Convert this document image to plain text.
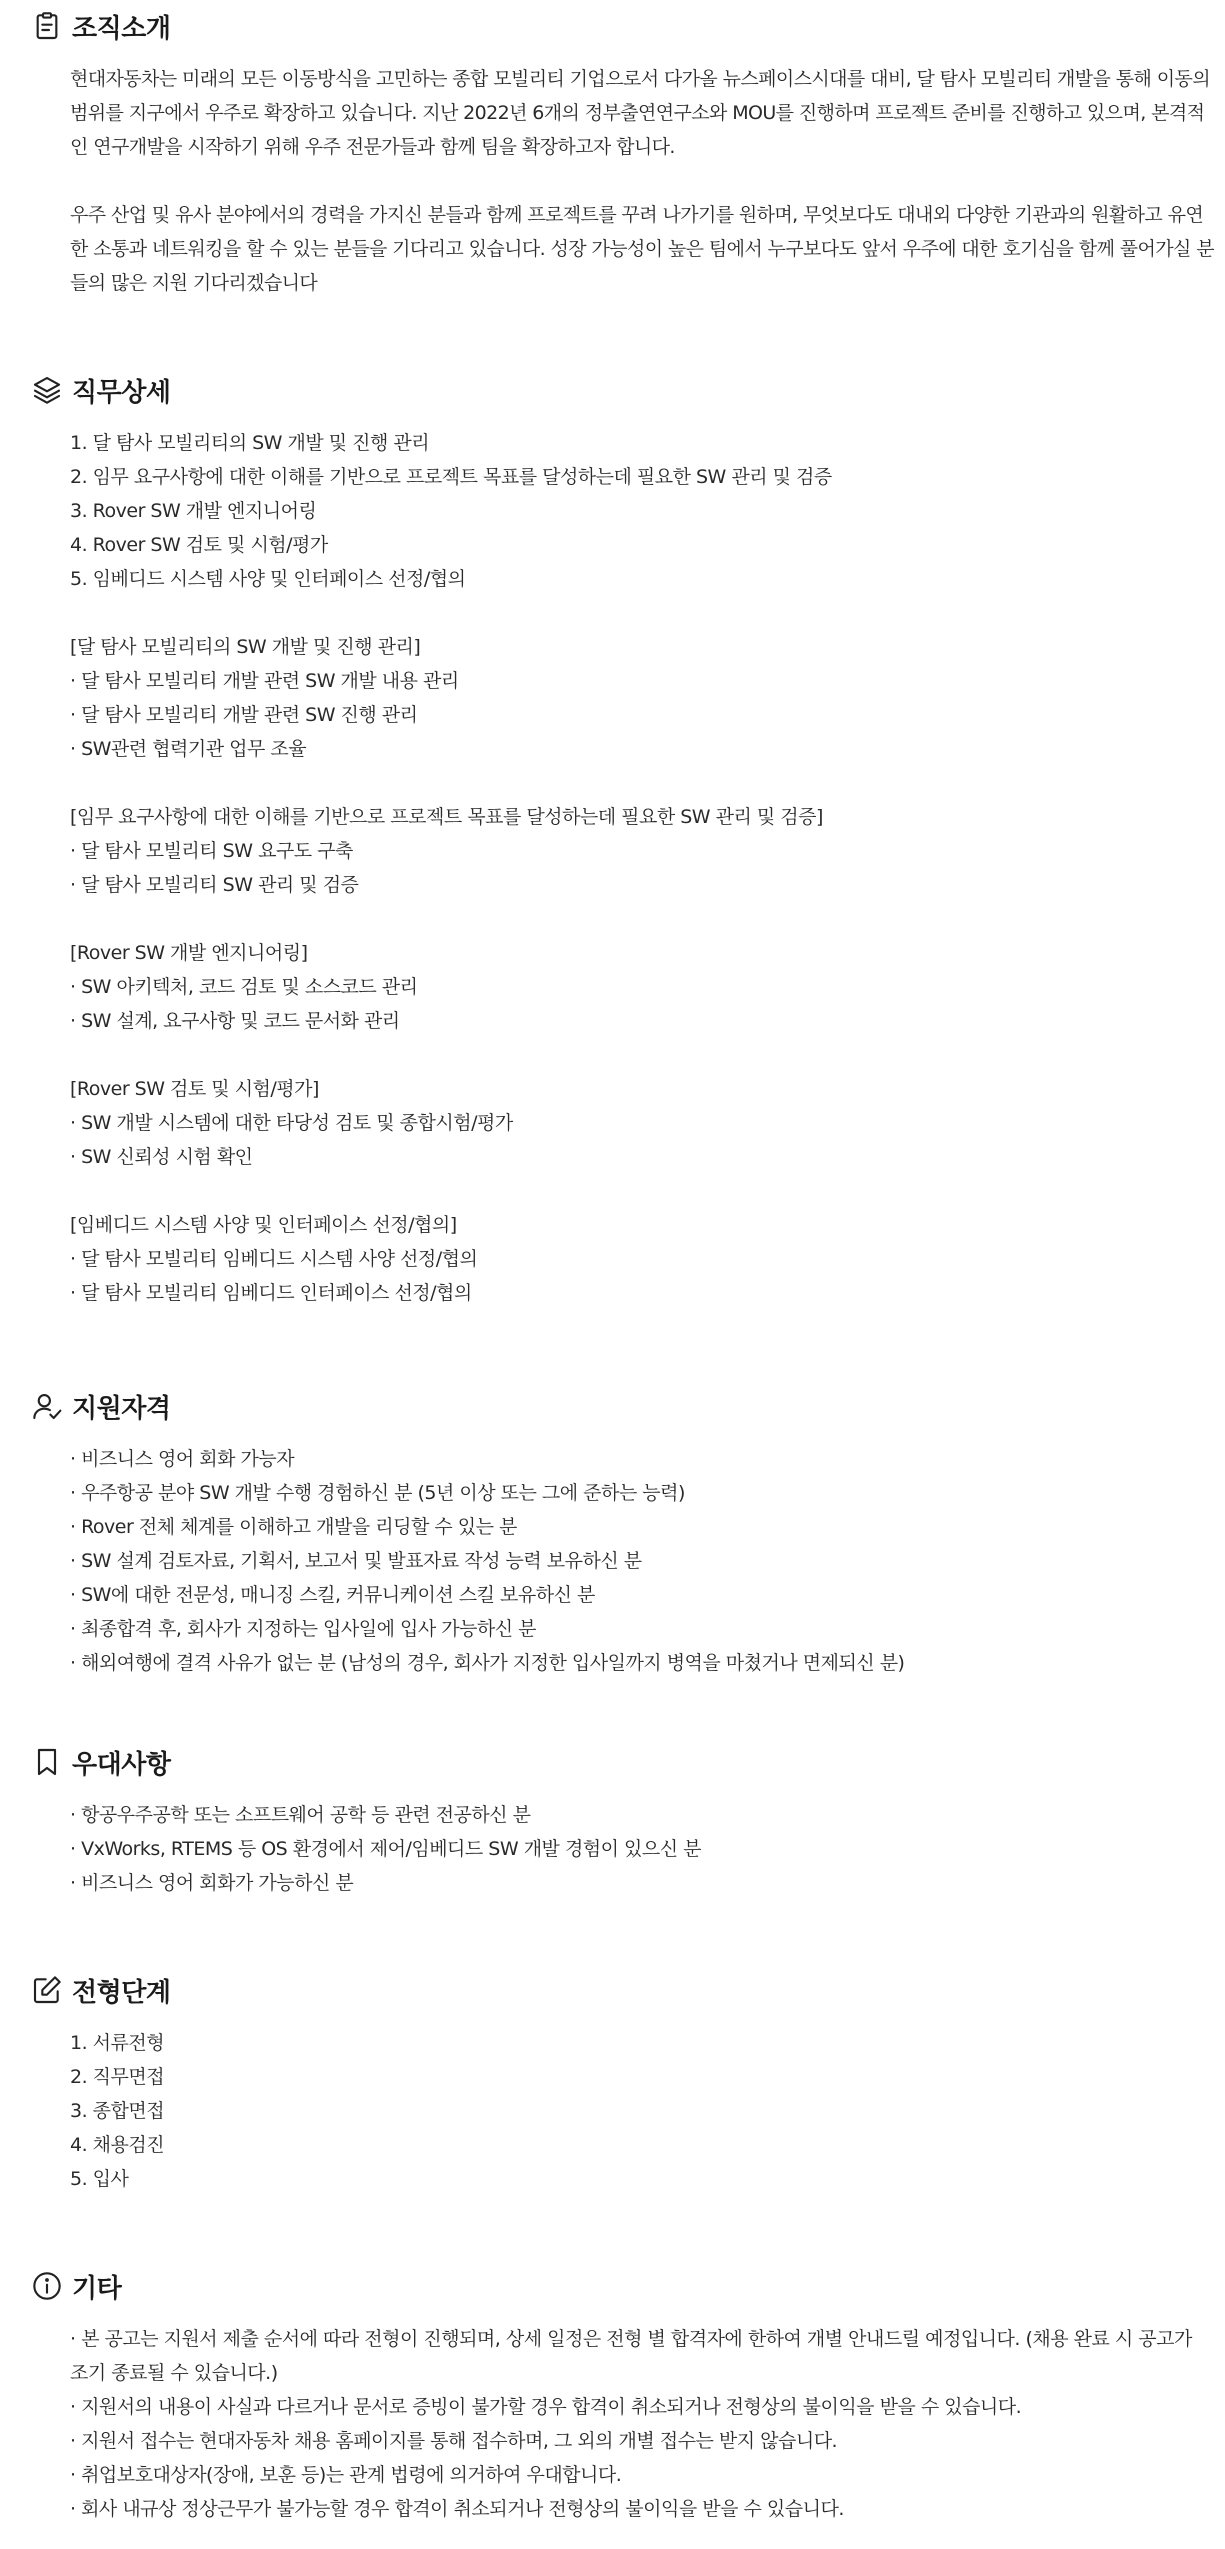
조직소개

현대자동차는 미래의 모든 이동방식을 고민하는 종합 모빌리티 기업으로서 다가올 뉴스페이스시대를 대비, 달 탐사 모빌리티 개발을 통해 이동의 범위를 지구에서 우주로 확장하고 있습니다. 지난 2022년 6개의 정부출연연구소와 MOU를 진행하며 프로젝트 준비를 진행하고 있으며, 본격적인 연구개발을 시작하기 위해 우주 전문가들과 함께 팀을 확장하고자 합니다.

우주 산업 및 유사 분야에서의 경력을 가지신 분들과 함께 프로젝트를 꾸려 나가기를 원하며, 무엇보다도 대내외 다양한 기관과의 원활하고 유연한 소통과 네트워킹을 할 수 있는 분들을 기다리고 있습니다. 성장 가능성이 높은 팀에서 누구보다도 앞서 우주에 대한 호기심을 함께 풀어가실 분들의 많은 지원 기다리겠습니다

직무상세
1. 달 탐사 모빌리티의 SW 개발 및 진행 관리
2. 임무 요구사항에 대한 이해를 기반으로 프로젝트 목표를 달성하는데 필요한 SW 관리 및 검증
3. Rover SW 개발 엔지니어링
4. Rover SW 검토 및 시험/평가
5. 임베디드 시스템 사양 및 인터페이스 선정/협의
[달 탐사 모빌리티의 SW 개발 및 진행 관리]
· 달 탐사 모빌리티 개발 관련 SW 개발 내용 관리
· 달 탐사 모빌리티 개발 관련 SW 진행 관리
· SW관련 협력기관 업무 조율
[임무 요구사항에 대한 이해를 기반으로 프로젝트 목표를 달성하는데 필요한 SW 관리 및 검증]
· 달 탐사 모빌리티 SW 요구도 구축
· 달 탐사 모빌리티 SW 관리 및 검증
[Rover SW 개발 엔지니어링]
· SW 아키텍처, 코드 검토 및 소스코드 관리
· SW 설계, 요구사항 및 코드 문서화 관리
[Rover SW 검토 및 시험/평가]
· SW 개발 시스템에 대한 타당성 검토 및 종합시험/평가
· SW 신뢰성 시험 확인
[임베디드 시스템 사양 및 인터페이스 선정/협의]
· 달 탐사 모빌리티 임베디드 시스템 사양 선정/협의
· 달 탐사 모빌리티 임베디드 인터페이스 선정/협의
지원자격
· 비즈니스 영어 회화 가능자
· 우주항공 분야 SW 개발 수행 경험하신 분 (5년 이상 또는 그에 준하는 능력)
· Rover 전체 체계를 이해하고 개발을 리딩할 수 있는 분
· SW 설계 검토자료, 기획서, 보고서 및 발표자료 작성 능력 보유하신 분
· SW에 대한 전문성, 매니징 스킬, 커뮤니케이션 스킬 보유하신 분
· 최종합격 후, 회사가 지정하는 입사일에 입사 가능하신 분
· 해외여행에 결격 사유가 없는 분 (남성의 경우, 회사가 지정한 입사일까지 병역을 마쳤거나 면제되신 분)
우대사항
· 항공우주공학 또는 소프트웨어 공학 등 관련 전공하신 분
· VxWorks, RTEMS 등 OS 환경에서 제어/임베디드 SW 개발 경험이 있으신 분
· 비즈니스 영어 회화가 가능하신 분
전형단계
1. 서류전형
2. 직무면접
3. 종합면접
4. 채용검진
5. 입사
기타
· 본 공고는 지원서 제출 순서에 따라 전형이 진행되며, 상세 일정은 전형 별 합격자에 한하여 개별 안내드릴 예정입니다. (채용 완료 시 공고가 조기 종료될 수 있습니다.)
· 지원서의 내용이 사실과 다르거나 문서로 증빙이 불가할 경우 합격이 취소되거나 전형상의 불이익을 받을 수 있습니다.
· 지원서 접수는 현대자동차 채용 홈페이지를 통해 접수하며, 그 외의 개별 접수는 받지 않습니다.
· 취업보호대상자(장애, 보훈 등)는 관계 법령에 의거하여 우대합니다.
· 회사 내규상 정상근무가 불가능할 경우 합격이 취소되거나 전형상의 불이익을 받을 수 있습니다.
